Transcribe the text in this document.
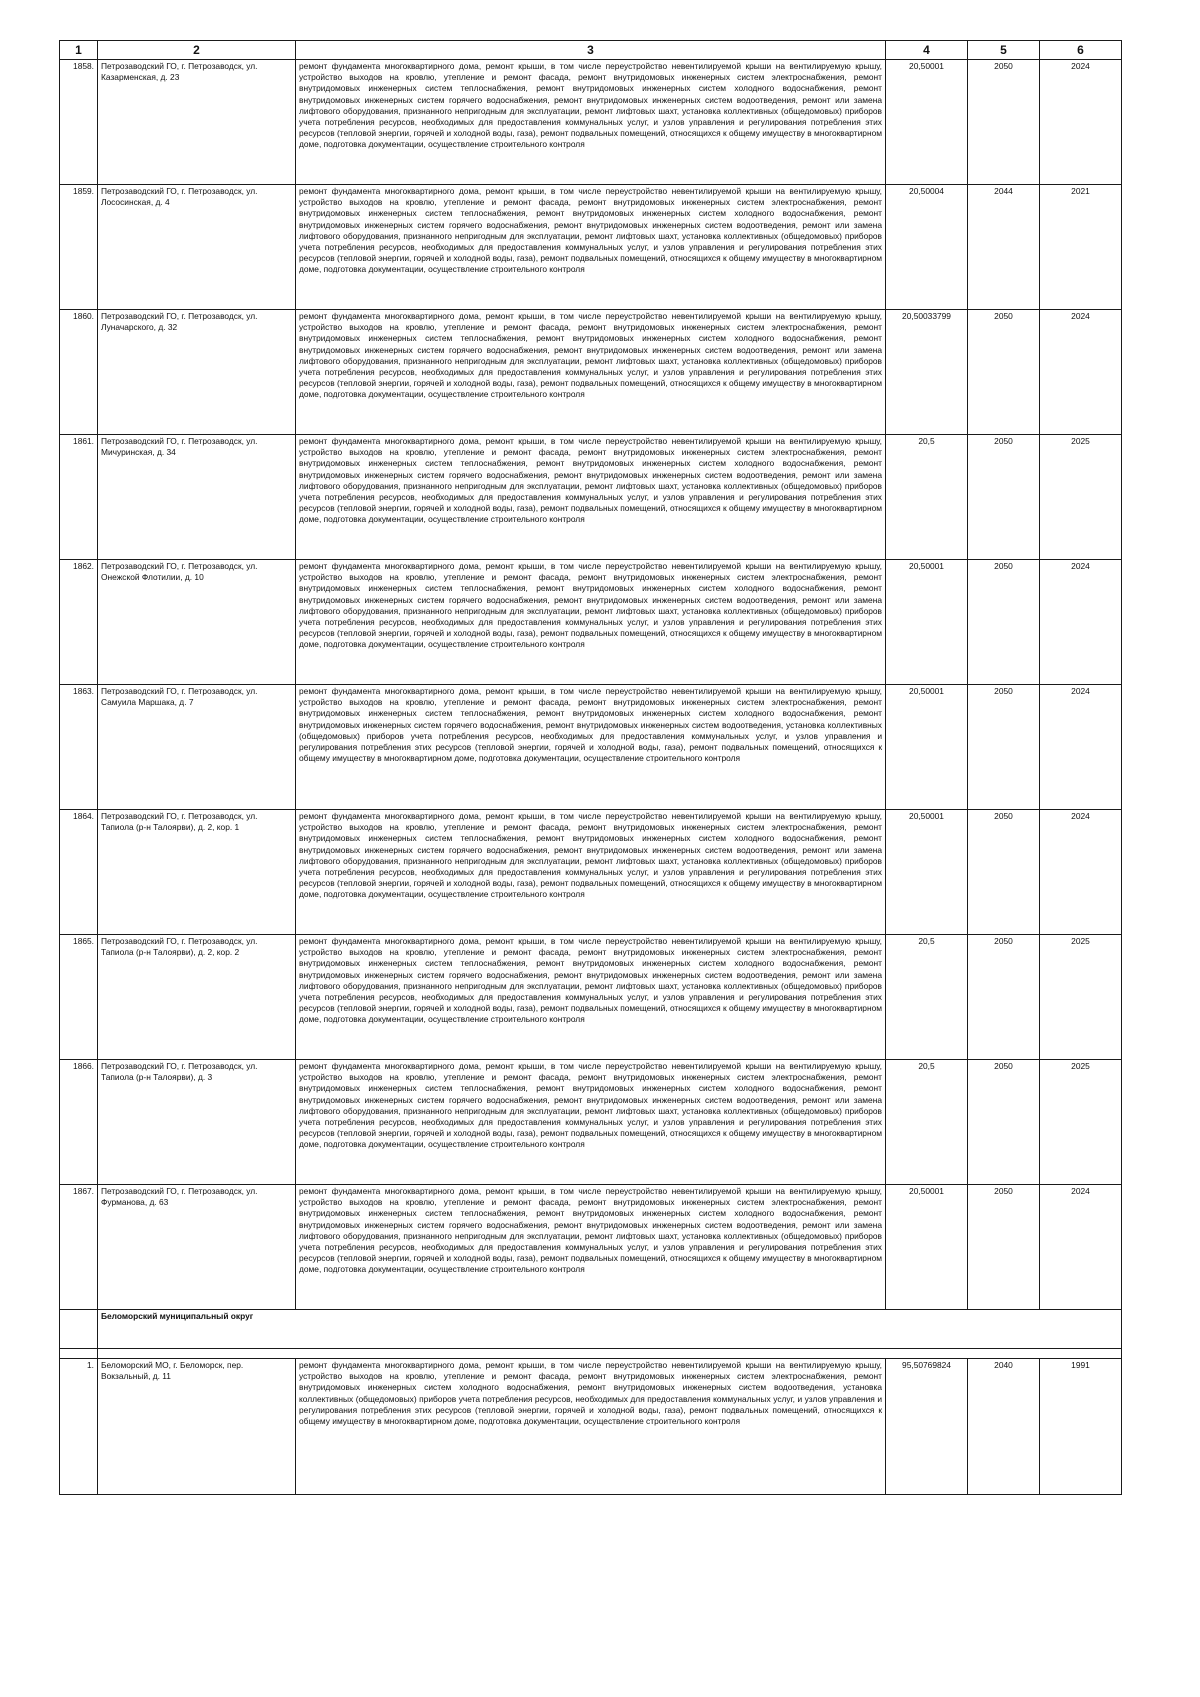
1	2	3	4	5	6
1858.	Петрозаводский ГО, г. Петрозаводск, ул. Казарменская, д. 23	ремонт фундамента многоквартирного дома, ремонт крыши, в том числе переустройство невентилируемой крыши на вентилируемую крышу, устройство выходов на кровлю, утепление и ремонт фасада, ремонт внутридомовых инженерных систем электроснабжения, ремонт внутридомовых инженерных систем теплоснабжения, ремонт внутридомовых инженерных систем холодного водоснабжения, ремонт внутридомовых инженерных систем горячего водоснабжения, ремонт внутридомовых инженерных систем водоотведения, ремонт или замена лифтового оборудования, признанного непригодным для эксплуатации, ремонт лифтовых шахт, установка коллективных (общедомовых) приборов учета потребления ресурсов, необходимых для предоставления коммунальных услуг, и узлов управления и регулирования потребления этих ресурсов (тепловой энергии, горячей и холодной воды, газа), ремонт подвальных помещений, относящихся к общему имуществу в многоквартирном доме, подготовка документации, осуществление строительного контроля	20,50001	2050	2024
1859.	Петрозаводский ГО, г. Петрозаводск, ул. Лососинская, д. 4	ремонт фундамента многоквартирного дома, ремонт крыши, в том числе переустройство невентилируемой крыши на вентилируемую крышу, устройство выходов на кровлю, утепление и ремонт фасада, ремонт внутридомовых инженерных систем электроснабжения, ремонт внутридомовых инженерных систем теплоснабжения, ремонт внутридомовых инженерных систем холодного водоснабжения, ремонт внутридомовых инженерных систем горячего водоснабжения, ремонт внутридомовых инженерных систем водоотведения, ремонт или замена лифтового оборудования, признанного непригодным для эксплуатации, ремонт лифтовых шахт, установка коллективных (общедомовых) приборов учета потребления ресурсов, необходимых для предоставления коммунальных услуг, и узлов управления и регулирования потребления этих ресурсов (тепловой энергии, горячей и холодной воды, газа), ремонт подвальных помещений, относящихся к общему имуществу в многоквартирном доме, подготовка документации, осуществление строительного контроля	20,50004	2044	2021
1860.	Петрозаводский ГО, г. Петрозаводск, ул. Луначарского, д. 32	ремонт фундамента многоквартирного дома, ремонт крыши, в том числе переустройство невентилируемой крыши на вентилируемую крышу, устройство выходов на кровлю, утепление и ремонт фасада, ремонт внутридомовых инженерных систем электроснабжения, ремонт внутридомовых инженерных систем теплоснабжения, ремонт внутридомовых инженерных систем холодного водоснабжения, ремонт внутридомовых инженерных систем горячего водоснабжения, ремонт внутридомовых инженерных систем водоотведения, ремонт или замена лифтового оборудования, признанного непригодным для эксплуатации, ремонт лифтовых шахт, установка коллективных (общедомовых) приборов учета потребления ресурсов, необходимых для предоставления коммунальных услуг, и узлов управления и регулирования потребления этих ресурсов (тепловой энергии, горячей и холодной воды, газа), ремонт подвальных помещений, относящихся к общему имуществу в многоквартирном доме, подготовка документации, осуществление строительного контроля	20,50033799	2050	2024
1861.	Петрозаводский ГО, г. Петрозаводск, ул. Мичуринская, д. 34	ремонт фундамента многоквартирного дома, ремонт крыши, в том числе переустройство невентилируемой крыши на вентилируемую крышу, устройство выходов на кровлю, утепление и ремонт фасада, ремонт внутридомовых инженерных систем электроснабжения, ремонт внутридомовых инженерных систем теплоснабжения, ремонт внутридомовых инженерных систем холодного водоснабжения, ремонт внутридомовых инженерных систем горячего водоснабжения, ремонт внутридомовых инженерных систем водоотведения, ремонт или замена лифтового оборудования, признанного непригодным для эксплуатации, ремонт лифтовых шахт, установка коллективных (общедомовых) приборов учета потребления ресурсов, необходимых для предоставления коммунальных услуг, и узлов управления и регулирования потребления этих ресурсов (тепловой энергии, горячей и холодной воды, газа), ремонт подвальных помещений, относящихся к общему имуществу в многоквартирном доме, подготовка документации, осуществление строительного контроля	20,5	2050	2025
1862.	Петрозаводский ГО, г. Петрозаводск, ул. Онежской Флотилии, д. 10	ремонт фундамента многоквартирного дома, ремонт крыши, в том числе переустройство невентилируемой крыши на вентилируемую крышу, устройство выходов на кровлю, утепление и ремонт фасада, ремонт внутридомовых инженерных систем электроснабжения, ремонт внутридомовых инженерных систем теплоснабжения, ремонт внутридомовых инженерных систем холодного водоснабжения, ремонт внутридомовых инженерных систем горячего водоснабжения, ремонт внутридомовых инженерных систем водоотведения, ремонт или замена лифтового оборудования, признанного непригодным для эксплуатации, ремонт лифтовых шахт, установка коллективных (общедомовых) приборов учета потребления ресурсов, необходимых для предоставления коммунальных услуг, и узлов управления и регулирования потребления этих ресурсов (тепловой энергии, горячей и холодной воды, газа), ремонт подвальных помещений, относящихся к общему имуществу в многоквартирном доме, подготовка документации, осуществление строительного контроля	20,50001	2050	2024
1863.	Петрозаводский ГО, г. Петрозаводск, ул. Самуила Маршака, д. 7	ремонт фундамента многоквартирного дома, ремонт крыши, в том числе переустройство невентилируемой крыши на вентилируемую крышу, устройство выходов на кровлю, утепление и ремонт фасада, ремонт внутридомовых инженерных систем электроснабжения, ремонт внутридомовых инженерных систем теплоснабжения, ремонт внутридомовых инженерных систем холодного водоснабжения, ремонт внутридомовых инженерных систем горячего водоснабжения, ремонт внутридомовых инженерных систем водоотведения, установка коллективных (общедомовых) приборов учета потребления ресурсов, необходимых для предоставления коммунальных услуг, и узлов управления и регулирования потребления этих ресурсов (тепловой энергии, горячей и холодной воды, газа), ремонт подвальных помещений, относящихся к общему имуществу в многоквартирном доме, подготовка документации, осуществление строительного контроля	20,50001	2050	2024
1864.	Петрозаводский ГО, г. Петрозаводск, ул. Тапиола (р-н Талоярви), д. 2, кор. 1	ремонт фундамента многоквартирного дома, ремонт крыши, в том числе переустройство невентилируемой крыши на вентилируемую крышу, устройство выходов на кровлю, утепление и ремонт фасада, ремонт внутридомовых инженерных систем электроснабжения, ремонт внутридомовых инженерных систем теплоснабжения, ремонт внутридомовых инженерных систем холодного водоснабжения, ремонт внутридомовых инженерных систем горячего водоснабжения, ремонт внутридомовых инженерных систем водоотведения, ремонт или замена лифтового оборудования, признанного непригодным для эксплуатации, ремонт лифтовых шахт, установка коллективных (общедомовых) приборов учета потребления ресурсов, необходимых для предоставления коммунальных услуг, и узлов управления и регулирования потребления этих ресурсов (тепловой энергии, горячей и холодной воды, газа), ремонт подвальных помещений, относящихся к общему имуществу в многоквартирном доме, подготовка документации, осуществление строительного контроля	20,50001	2050	2024
1865.	Петрозаводский ГО, г. Петрозаводск, ул. Тапиола (р-н Талоярви), д. 2, кор. 2	ремонт фундамента многоквартирного дома, ремонт крыши, в том числе переустройство невентилируемой крыши на вентилируемую крышу, устройство выходов на кровлю, утепление и ремонт фасада, ремонт внутридомовых инженерных систем электроснабжения, ремонт внутридомовых инженерных систем теплоснабжения, ремонт внутридомовых инженерных систем холодного водоснабжения, ремонт внутридомовых инженерных систем горячего водоснабжения, ремонт внутридомовых инженерных систем водоотведения, ремонт или замена лифтового оборудования, признанного непригодным для эксплуатации, ремонт лифтовых шахт, установка коллективных (общедомовых) приборов учета потребления ресурсов, необходимых для предоставления коммунальных услуг, и узлов управления и регулирования потребления этих ресурсов (тепловой энергии, горячей и холодной воды, газа), ремонт подвальных помещений, относящихся к общему имуществу в многоквартирном доме, подготовка документации, осуществление строительного контроля	20,5	2050	2025
1866.	Петрозаводский ГО, г. Петрозаводск, ул. Тапиола (р-н Талоярви), д. 3	ремонт фундамента многоквартирного дома, ремонт крыши, в том числе переустройство невентилируемой крыши на вентилируемую крышу, устройство выходов на кровлю, утепление и ремонт фасада, ремонт внутридомовых инженерных систем электроснабжения, ремонт внутридомовых инженерных систем теплоснабжения, ремонт внутридомовых инженерных систем холодного водоснабжения, ремонт внутридомовых инженерных систем горячего водоснабжения, ремонт внутридомовых инженерных систем водоотведения, ремонт или замена лифтового оборудования, признанного непригодным для эксплуатации, ремонт лифтовых шахт, установка коллективных (общедомовых) приборов учета потребления ресурсов, необходимых для предоставления коммунальных услуг, и узлов управления и регулирования потребления этих ресурсов (тепловой энергии, горячей и холодной воды, газа), ремонт подвальных помещений, относящихся к общему имуществу в многоквартирном доме, подготовка документации, осуществление строительного контроля	20,5	2050	2025
1867.	Петрозаводский ГО, г. Петрозаводск, ул. Фурманова, д. 63	ремонт фундамента многоквартирного дома, ремонт крыши, в том числе переустройство невентилируемой крыши на вентилируемую крышу, устройство выходов на кровлю, утепление и ремонт фасада, ремонт внутридомовых инженерных систем электроснабжения, ремонт внутридомовых инженерных систем теплоснабжения, ремонт внутридомовых инженерных систем холодного водоснабжения, ремонт внутридомовых инженерных систем горячего водоснабжения, ремонт внутридомовых инженерных систем водоотведения, ремонт или замена лифтового оборудования, признанного непригодным для эксплуатации, ремонт лифтовых шахт, установка коллективных (общедомовых) приборов учета потребления ресурсов, необходимых для предоставления коммунальных услуг, и узлов управления и регулирования потребления этих ресурсов (тепловой энергии, горячей и холодной воды, газа), ремонт подвальных помещений, относящихся к общему имуществу в многоквартирном доме, подготовка документации, осуществление строительного контроля	20,50001	2050	2024
	Беломорский муниципальный округ				

1.	Беломорский МО, г. Беломорск, пер. Вокзальный, д. 11	ремонт фундамента многоквартирного дома, ремонт крыши, в том числе переустройство невентилируемой крыши на вентилируемую крышу, устройство выходов на кровлю, утепление и ремонт фасада, ремонт внутридомовых инженерных систем электроснабжения, ремонт внутридомовых инженерных систем холодного водоснабжения, ремонт внутридомовых инженерных систем водоотведения, установка коллективных (общедомовых) приборов учета потребления ресурсов, необходимых для предоставления коммунальных услуг, и узлов управления и регулирования потребления этих ресурсов (тепловой энергии, горячей и холодной воды, газа), ремонт подвальных помещений, относящихся к общему имуществу в многоквартирном доме, подготовка документации, осуществление строительного контроля	95,50769824	2040	1991
